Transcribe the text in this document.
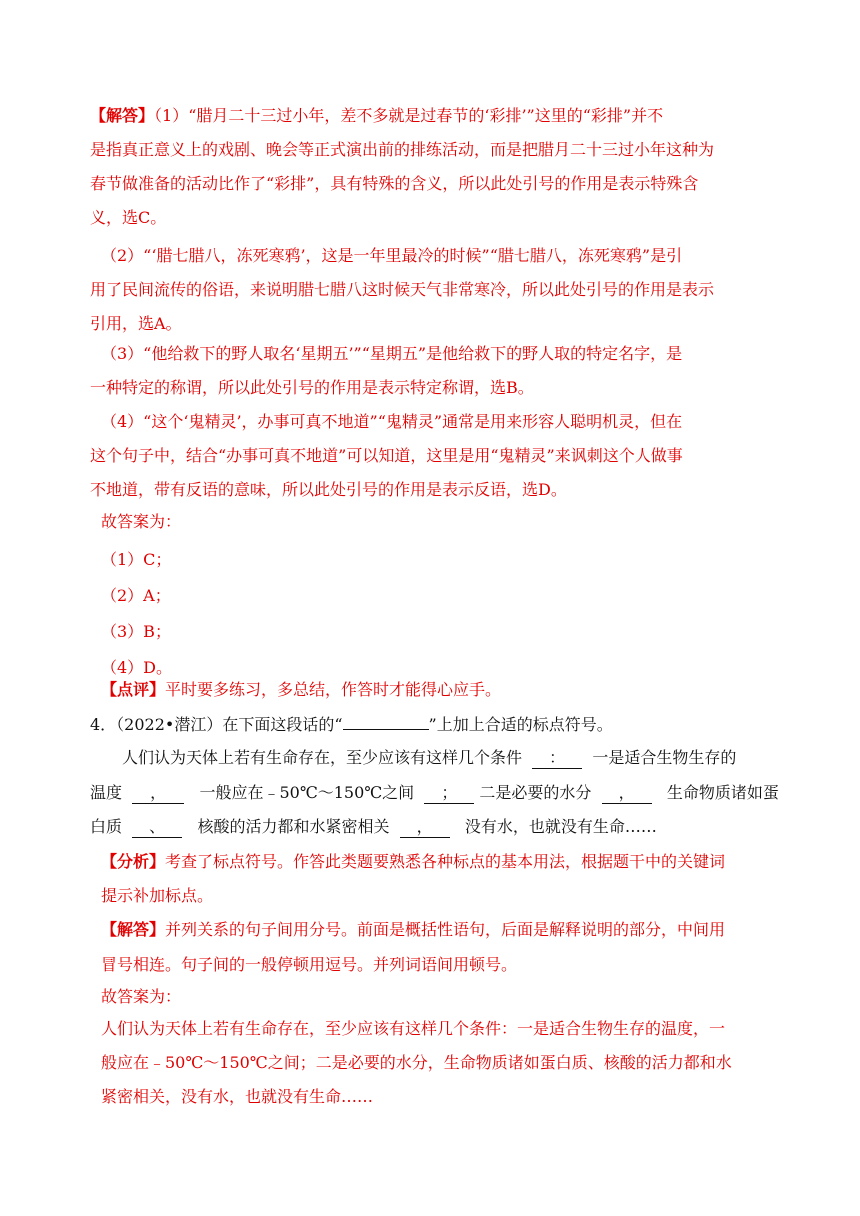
【解答】（1）“腊月二十三过小年，差不多就是过春节的‘彩排’”这里的“彩排”并不
是指真正意义上的戏剧、晚会等正式演出前的排练活动，而是把腊月二十三过小年这种为
春节做准备的活动比作了“彩排”，具有特殊的含义，所以此处引号的作用是表示特殊含
义，选C。
（2）“‘腊七腊八，冻死寒鸦’，这是一年里最冷的时候”“腊七腊八，冻死寒鸦”是引
用了民间流传的俗语，来说明腊七腊八这时候天气非常寒冷，所以此处引号的作用是表示
引用，选A。
（3）“他给救下的野人取名‘星期五’”“星期五”是他给救下的野人取的特定名字，是
一种特定的称谓，所以此处引号的作用是表示特定称谓，选B。
（4）“这个‘鬼精灵’，办事可真不地道”“鬼精灵”通常是用来形容人聪明机灵，但在
这个句子中，结合“办事可真不地道”可以知道，这里是用“鬼精灵”来讽刺这个人做事
不地道，带有反语的意味，所以此处引号的作用是表示反语，选D。
故答案为：
（1）C；
（2）A；
（3）B；
（4）D。
【点评】平时要多练习，多总结，作答时才能得心应手。
4．（2022•潜江）在下面这段话的“	”上加上合适的标点符号。
人们认为天体上若有生命存在，至少应该有这样几个条件 ： 一是适合生物生存的
温度 ， 一般应在﹣50℃～150℃之间 ； 二是必要的水分 ， 生命物质诸如蛋
白质 、 核酸的活力都和水紧密相关 ， 没有水，也就没有生命……
【分析】考查了标点符号。作答此类题要熟悉各种标点的基本用法，根据题干中的关键词
提示补加标点。
【解答】并列关系的句子间用分号。前面是概括性语句，后面是解释说明的部分，中间用
冒号相连。句子间的一般停顿用逗号。并列词语间用顿号。
故答案为：
人们认为天体上若有生命存在，至少应该有这样几个条件：一是适合生物生存的温度，一
般应在﹣50℃～150℃之间；二是必要的水分，生命物质诸如蛋白质、核酸的活力都和水
紧密相关，没有水，也就没有生命……
